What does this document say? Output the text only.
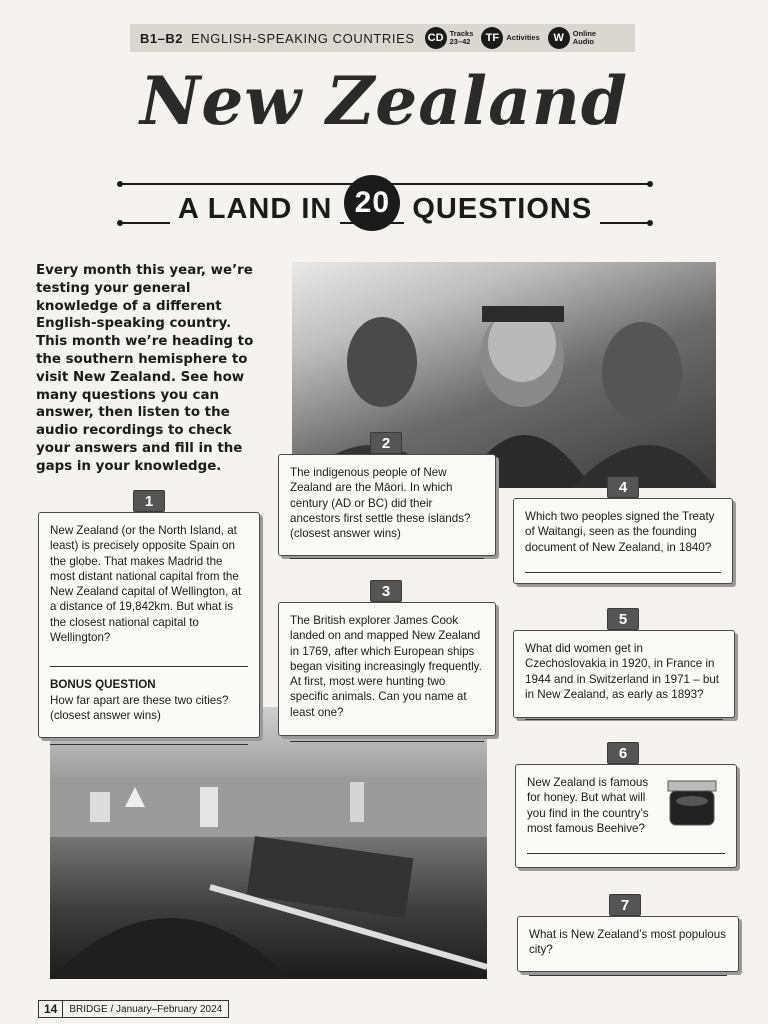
B1–B2 ENGLISH-SPEAKING COUNTRIES CD Tracks
23–42	TF Activities	W	Online
Audio
New Zealand
A LAND IN 20 QUESTIONS
Every month this year, we’re testing your general knowledge of a different English-speaking country. This month we’re heading to the southern hemisphere to visit New Zealand. See how many questions you can answer, then listen to the audio recordings to check your answers and fill in the gaps in your knowledge.
1
New Zealand (or the North Island, at least) is precisely opposite Spain on the globe. That makes Madrid the most distant national capital from the New Zealand capital of Wellington, at a distance of 19,842km. But what is the closest national capital to Wellington?
BONUS QUESTION
How far apart are these two cities? (closest answer wins)
2
The indigenous people of New Zealand are the Māori. In which century (AD or BC) did their ancestors first settle these islands? (closest answer wins)
3
The British explorer James Cook landed on and mapped New Zealand in 1769, after which European ships began visiting increasingly frequently. At first, most were hunting two specific animals. Can you name at least one?
4
Which two peoples signed the Treaty of Waitangi, seen as the founding document of New Zealand, in 1840?
5
What did women get in Czechoslovakia in 1920, in France in 1944 and in Switzerland in 1971 – but in New Zealand, as early as 1893?
6
New Zealand is famous for honey. But what will you find in the country’s most famous Beehive?
7
What is New Zealand’s most populous city?
14	BRIDGE / January–February 2024
